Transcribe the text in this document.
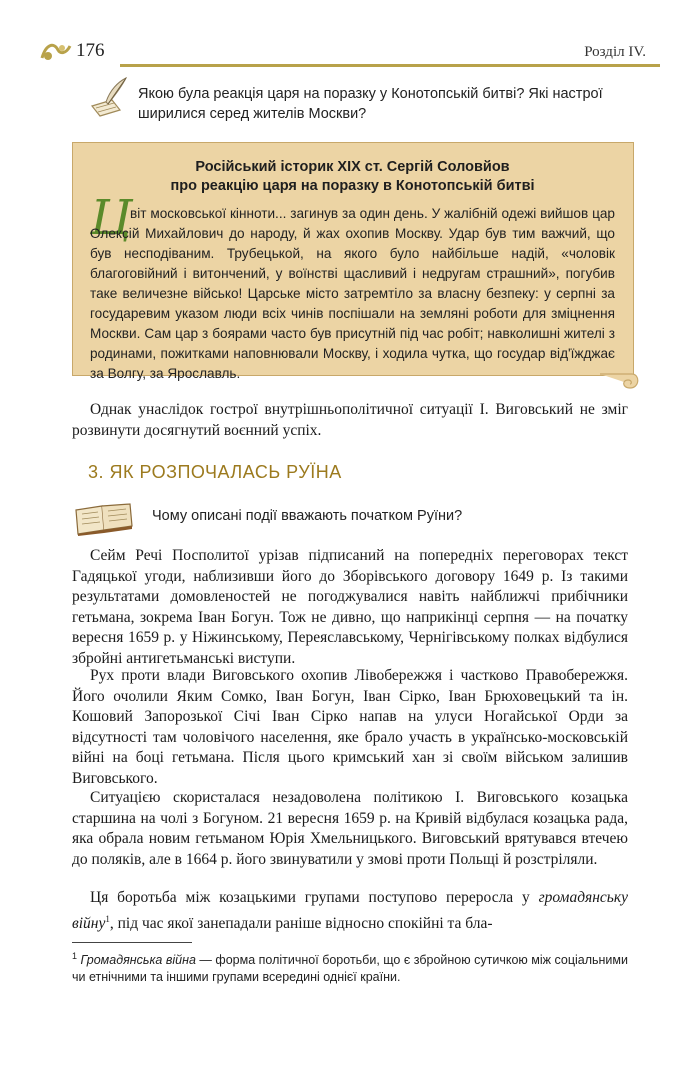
176	Розділ IV.
Якою була реакція царя на поразку у Конотопській битві? Які настрої ширилися серед жителів Москви?
Російський історик XIX ст. Сергій Соловйов
про реакцію царя на поразку в Конотопській битві
Ц
віт московської кінноти... загинув за один день. У жалібній одежі вийшов цар Олексій Михайлович до народу, й жах охопив Москву. Удар був тим важчий, що був несподіваним. Трубецькой, на якого було найбільше надій, «чоловік благоговійний і витончений, у воїнстві щасливий і недругам страшний», погубив таке величезне військо! Царське місто затремтіло за власну безпеку: у серпні за государевим указом люди всіх чинів поспішали на земляні роботи для зміцнення Москви. Сам цар з боярами часто був присутній під час робіт; навколишні жителі з родинами, пожитками наповнювали Москву, і ходила чутка, що государ від'їжджає за Волгу, за Ярославль.
Однак унаслідок гострої внутрішньополітичної ситуації І. Виговський не зміг розвинути досягнутий воєнний успіх.
3. ЯК РОЗПОЧАЛАСЬ РУЇНА
Чому описані події вважають початком Руїни?
Сейм Речі Посполитої урізав підписаний на попередніх переговорах текст Гадяцької угоди, наблизивши його до Зборівського договору 1649 р. Із такими результатами домовленостей не погоджувалися навіть найближчі прибічники гетьмана, зокрема Іван Богун. Тож не дивно, що наприкінці серпня — на початку вересня 1659 р. у Ніжинському, Переяславському, Чернігівському полках відбулися збройні антигетьманські виступи.
Рух проти влади Виговського охопив Лівобережжя і частково Правобережжя. Його очолили Яким Сомко, Іван Богун, Іван Сірко, Іван Брюховецький та ін. Кошовий Запорозької Січі Іван Сірко напав на улуси Ногайської Орди за відсутності там чоловічого населення, яке брало участь в українсько-московській війні на боці гетьмана. Після цього кримський хан зі своїм військом залишив Виговського.
Ситуацією скористалася незадоволена політикою І. Виговського козацька старшина на чолі з Богуном. 21 вересня 1659 р. на Кривій відбулася козацька рада, яка обрала новим гетьманом Юрія Хмельницького. Виговський врятувався втечею до поляків, але в 1664 р. його звинуватили у змові проти Польщі й розстріляли.
Ця боротьба між козацькими групами поступово переросла у громадянську війну$^1$, під час якої занепадали раніше відносно спокійні та бла-
$^1$ Громадянська війна — форма політичної боротьби, що є збройною сутичкою між соціальними чи етнічними та іншими групами всередині однієї країни.
